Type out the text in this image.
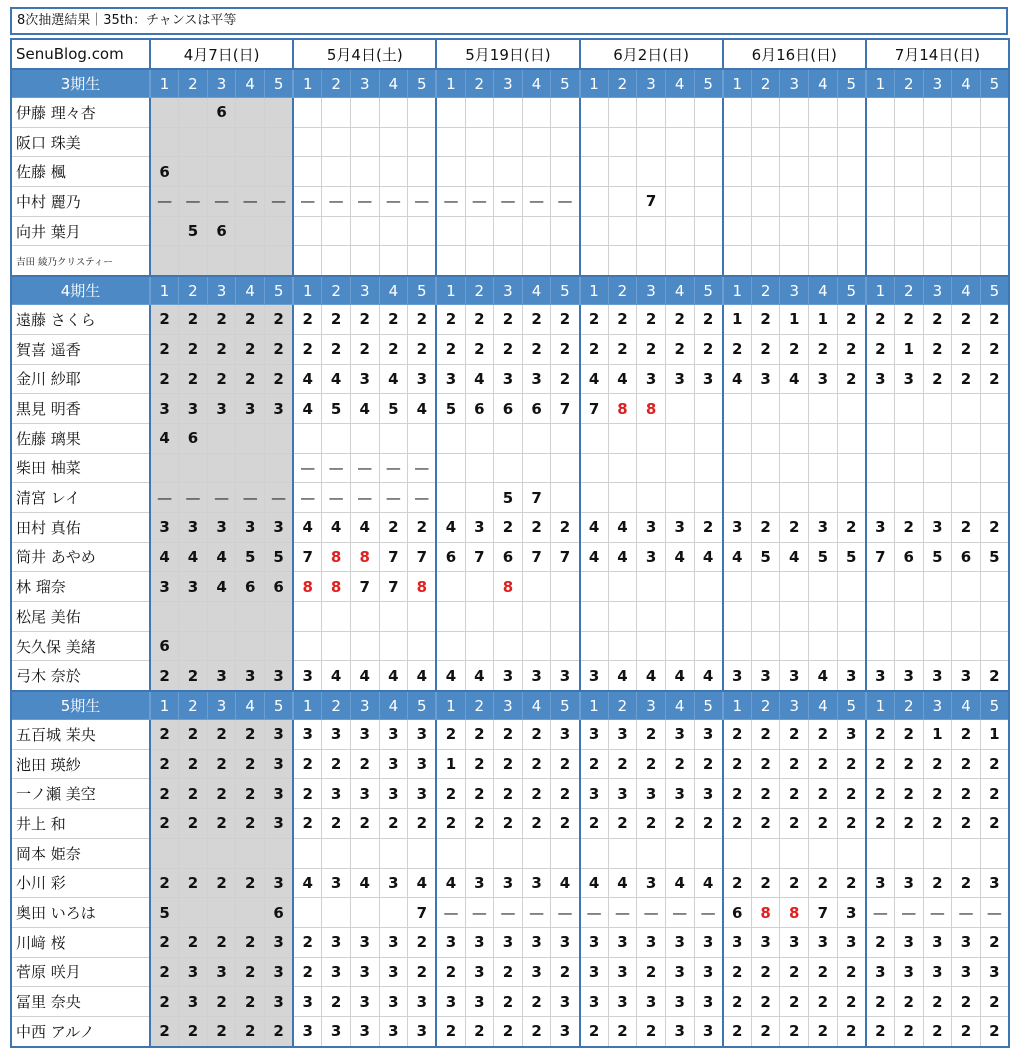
8次抽選結果｜35th：チャンスは平等
SenuBlog.com	4月7日(日)					5月4日(土)					5月19日(日)					6月2日(日)					6月16日(日)					7月14日(日)				
3期生	1	2	3	4	5	1	2	3	4	5	1	2	3	4	5	1	2	3	4	5	1	2	3	4	5	1	2	3	4	5
伊藤 理々杏			6																											
阪口 珠美																														
佐藤 楓	6																													
中村 麗乃	—	—	—	—	—	—	—	—	—	—	—	—	—	—	—			7												
向井 葉月		5	6																											
吉田 綾乃クリスティー																														
4期生	1	2	3	4	5	1	2	3	4	5	1	2	3	4	5	1	2	3	4	5	1	2	3	4	5	1	2	3	4	5
遠藤 さくら	2	2	2	2	2	2	2	2	2	2	2	2	2	2	2	2	2	2	2	2	1	2	1	1	2	2	2	2	2	2
賀喜 遥香	2	2	2	2	2	2	2	2	2	2	2	2	2	2	2	2	2	2	2	2	2	2	2	2	2	2	1	2	2	2
金川 紗耶	2	2	2	2	2	4	4	3	4	3	3	4	3	3	2	4	4	3	3	3	4	3	4	3	2	3	3	2	2	2
黒見 明香	3	3	3	3	3	4	5	4	5	4	5	6	6	6	7	7	8	8												
佐藤 璃果	4	6																												
柴田 柚菜						—	—	—	—	—																				
清宮 レイ	—	—	—	—	—	—	—	—	—	—			5	7																
田村 真佑	3	3	3	3	3	4	4	4	2	2	4	3	2	2	2	4	4	3	3	2	3	2	2	3	2	3	2	3	2	2
筒井 あやめ	4	4	4	5	5	7	8	8	7	7	6	7	6	7	7	4	4	3	4	4	4	5	4	5	5	7	6	5	6	5
林 瑠奈	3	3	4	6	6	8	8	7	7	8			8																	
松尾 美佑																														
矢久保 美緒	6																													
弓木 奈於	2	2	3	3	3	3	4	4	4	4	4	4	3	3	3	3	4	4	4	4	3	3	3	4	3	3	3	3	3	2
5期生	1	2	3	4	5	1	2	3	4	5	1	2	3	4	5	1	2	3	4	5	1	2	3	4	5	1	2	3	4	5
五百城 茉央	2	2	2	2	3	3	3	3	3	3	2	2	2	2	3	3	3	2	3	3	2	2	2	2	3	2	2	1	2	1
池田 瑛紗	2	2	2	2	3	2	2	2	3	3	1	2	2	2	2	2	2	2	2	2	2	2	2	2	2	2	2	2	2	2
一ノ瀬 美空	2	2	2	2	3	2	3	3	3	3	2	2	2	2	2	3	3	3	3	3	2	2	2	2	2	2	2	2	2	2
井上 和	2	2	2	2	3	2	2	2	2	2	2	2	2	2	2	2	2	2	2	2	2	2	2	2	2	2	2	2	2	2
岡本 姫奈																														
小川 彩	2	2	2	2	3	4	3	4	3	4	4	3	3	3	4	4	4	3	4	4	2	2	2	2	2	3	3	2	2	3
奥田 いろは	5				6					7	—	—	—	—	—	—	—	—	—	—	6	8	8	7	3	—	—	—	—	—
川﨑 桜	2	2	2	2	3	2	3	3	3	2	3	3	3	3	3	3	3	3	3	3	3	3	3	3	3	2	3	3	3	2
菅原 咲月	2	3	3	2	3	2	3	3	3	2	2	3	2	3	2	3	3	2	3	3	2	2	2	2	2	3	3	3	3	3
冨里 奈央	2	3	2	2	3	3	2	3	3	3	3	3	2	2	3	3	3	3	3	3	2	2	2	2	2	2	2	2	2	2
中西 アルノ	2	2	2	2	2	3	3	3	3	3	2	2	2	2	3	2	2	2	3	3	2	2	2	2	2	2	2	2	2	2
